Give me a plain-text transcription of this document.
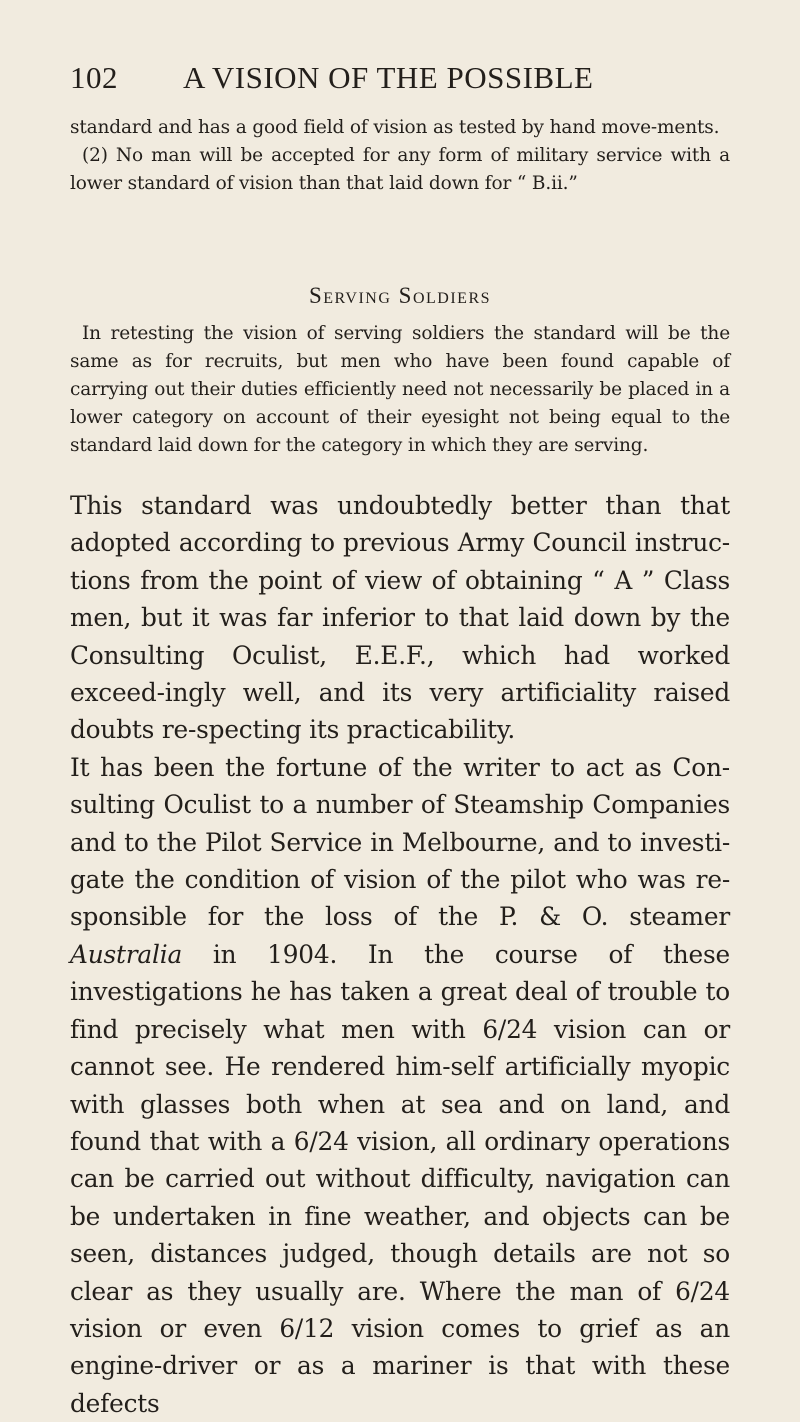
102 A VISION OF THE POSSIBLE

standard and has a good field of vision as tested by hand move-ments.

(2) No man will be accepted for any form of military service with a lower standard of vision than that laid down for “ B.ii.”

Serving Soldiers

In retesting the vision of serving soldiers the standard will be the same as for recruits, but men who have been found capable of carrying out their duties efficiently need not necessarily be placed in a lower category on account of their eyesight not being equal to the standard laid down for the category in which they are serving.

This standard was undoubtedly better than that adopted according to previous Army Council instruc-tions from the point of view of obtaining “ A ” Class men, but it was far inferior to that laid down by the Consulting Oculist, E.E.F., which had worked exceed-ingly well, and its very artificiality raised doubts re-specting its practicability.

It has been the fortune of the writer to act as Con-sulting Oculist to a number of Steamship Companies and to the Pilot Service in Melbourne, and to investi-gate the condition of vision of the pilot who was re-sponsible for the loss of the P. & O. steamer Australia in 1904. In the course of these investigations he has taken a great deal of trouble to find precisely what men with 6/24 vision can or cannot see. He rendered him-self artificially myopic with glasses both when at sea and on land, and found that with a 6/24 vision, all ordinary operations can be carried out without difficulty, navigation can be undertaken in fine weather, and objects can be seen, distances judged, though details are not so clear as they usually are. Where the man of 6/24 vision or even 6/12 vision comes to grief as an engine-driver or as a mariner is that with these defects
